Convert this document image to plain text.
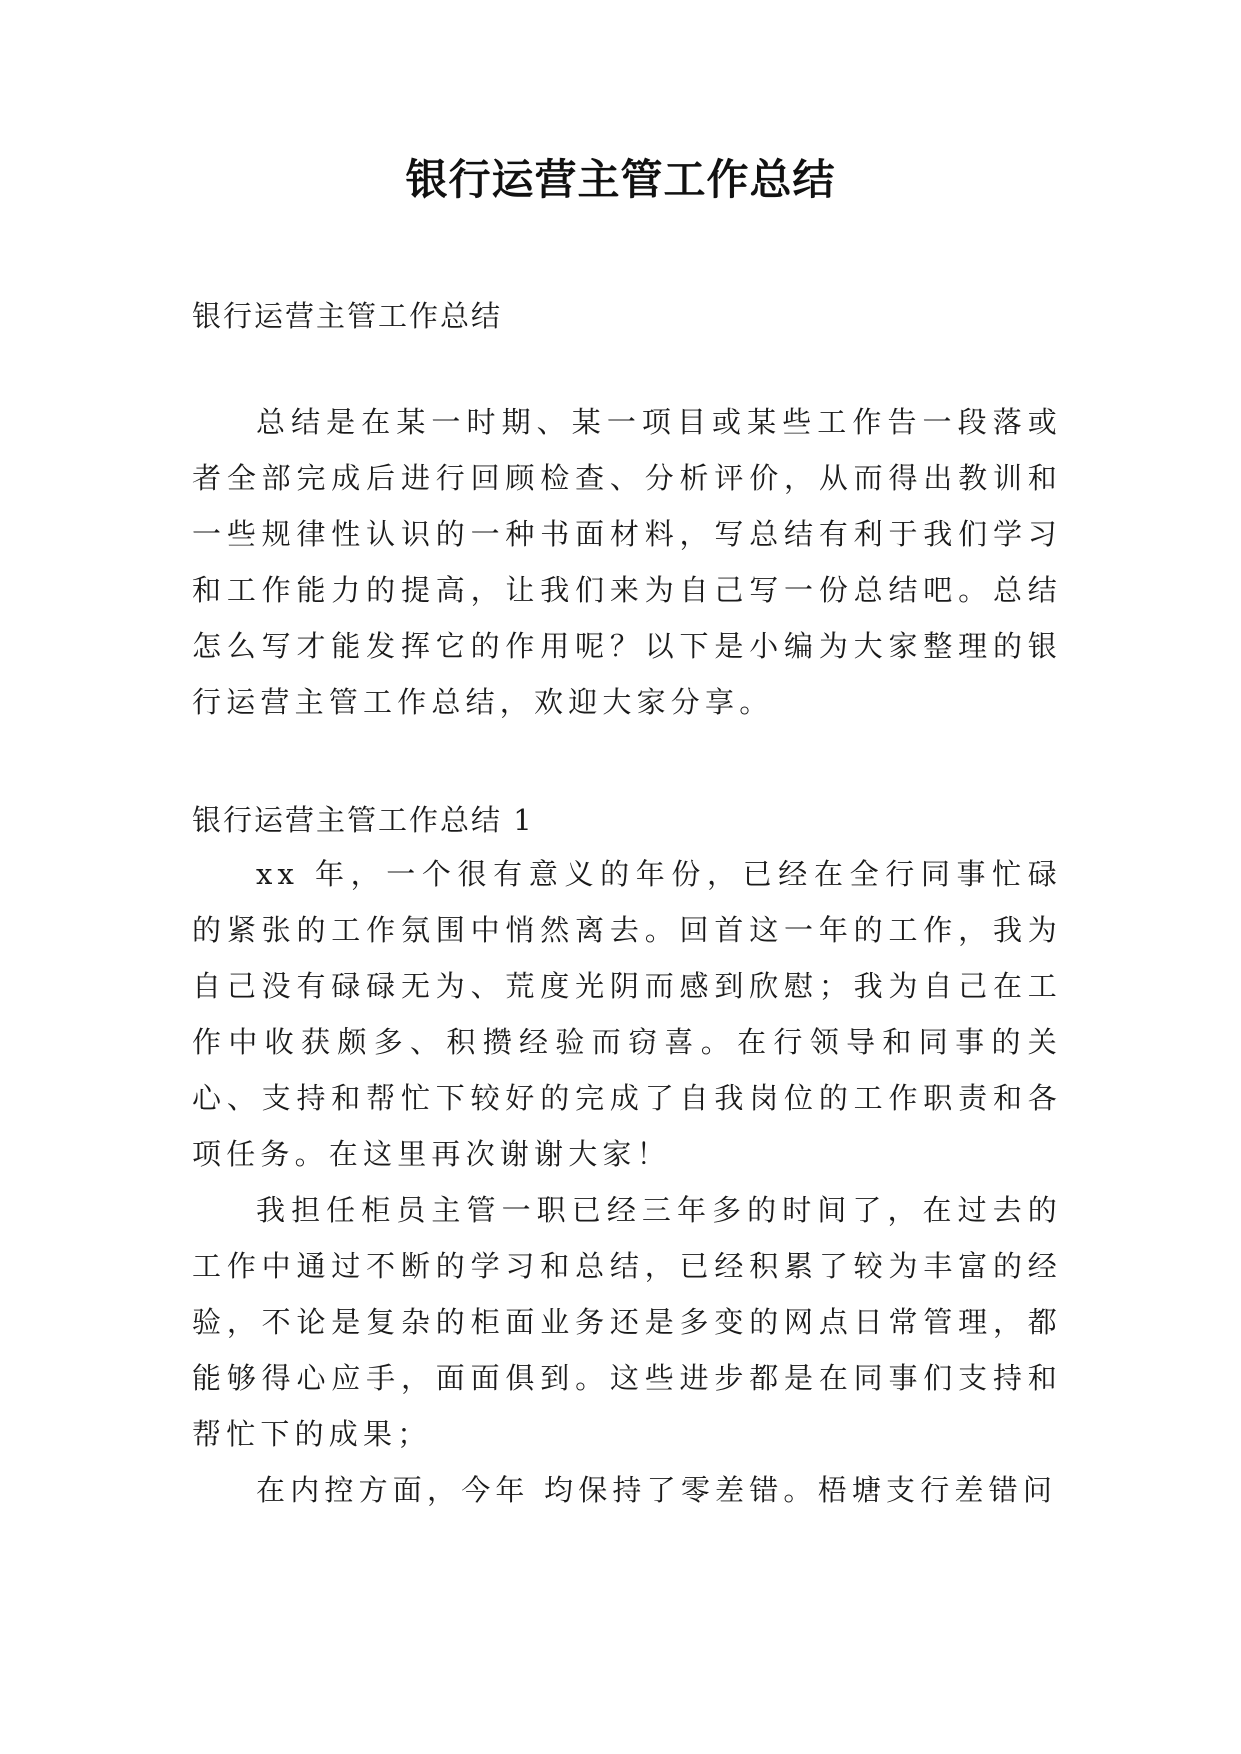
银行运营主管工作总结

银行运营主管工作总结

总结是在某一时期、某一项目或某些工作告一段落或者全部完成后进行回顾检查、分析评价，从而得出教训和一些规律性认识的一种书面材料，写总结有利于我们学习和工作能力的提高，让我们来为自己写一份总结吧。总结怎么写才能发挥它的作用呢？以下是小编为大家整理的银行运营主管工作总结，欢迎大家分享。

银行运营主管工作总结 1

xx 年，一个很有意义的年份，已经在全行同事忙碌的紧张的工作氛围中悄然离去。回首这一年的工作，我为自己没有碌碌无为、荒度光阴而感到欣慰；我为自己在工作中收获颇多、积攒经验而窃喜。在行领导和同事的关心、支持和帮忙下较好的完成了自我岗位的工作职责和各项任务。在这里再次谢谢大家！

我担任柜员主管一职已经三年多的时间了，在过去的工作中通过不断的学习和总结，已经积累了较为丰富的经验，不论是复杂的柜面业务还是多变的网点日常管理，都能够得心应手，面面俱到。这些进步都是在同事们支持和帮忙下的成果；

在内控方面，今年 均保持了零差错。梧塘支行差错问
